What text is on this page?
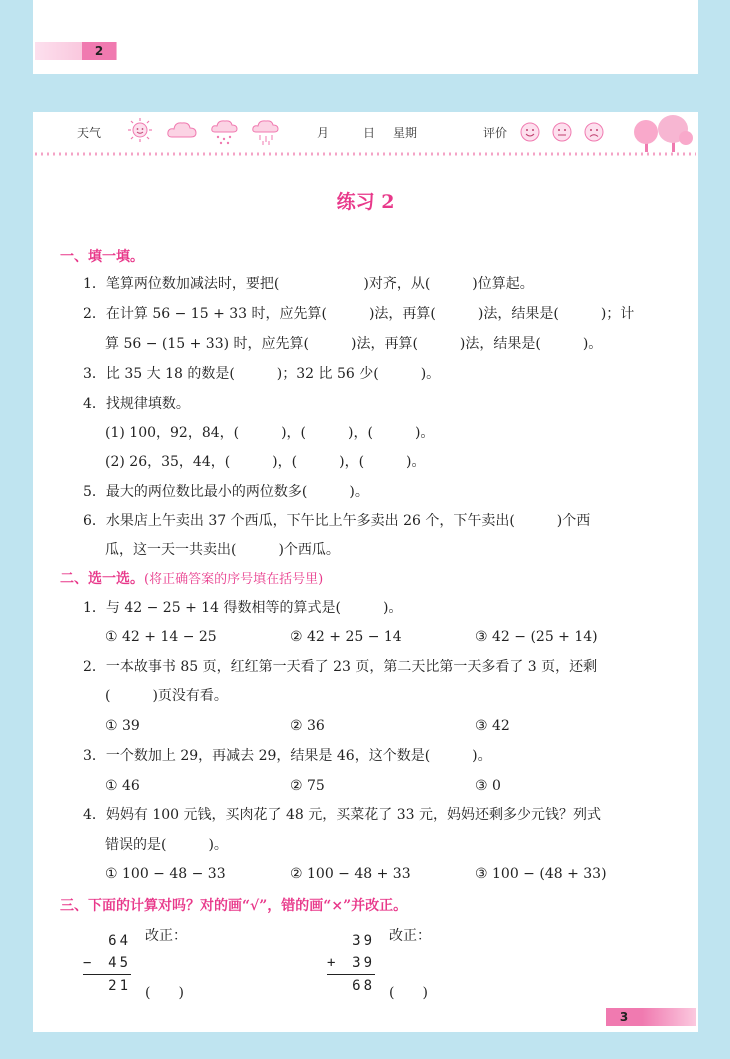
2
天气	月	日 星期	评价
练习 2
一、填一填。
1．笔算两位数加减法时，要把(　　　　　　)对齐，从(　　　)位算起。
2．在计算 56 − 15 + 33 时，应先算(　　　)法，再算(　　　)法，结果是(　　　)；计
算 56 − (15 + 33) 时，应先算(　　　)法，再算(　　　)法，结果是(　　　)。
3．比 35 大 18 的数是(　　　)；32 比 56 少(　　　)。
4．找规律填数。
(1) 100，92，84，(　　　)，(　　　)，(　　　)。
(2) 26，35，44，(　　　)，(　　　)，(　　　)。
5．最大的两位数比最小的两位数多(　　　)。
6．水果店上午卖出 37 个西瓜，下午比上午多卖出 26 个，下午卖出(　　　)个西
瓜，这一天一共卖出(　　　)个西瓜。
二、选一选。(将正确答案的序号填在括号里)
1．与 42 − 25 + 14 得数相等的算式是(　　　)。
① 42 + 14 − 25	② 42 + 25 − 14	③ 42 − (25 + 14)
2．一本故事书 85 页，红红第一天看了 23 页，第二天比第一天多看了 3 页，还剩
(　　　)页没有看。
① 39	② 36	③ 42
3．一个数加上 29，再减去 29，结果是 46，这个数是(　　　)。
① 46	② 75	③ 0
4．妈妈有 100 元钱，买肉花了 48 元，买菜花了 33 元，妈妈还剩多少元钱？列式
错误的是(　　　)。
① 100 − 48 − 33	② 100 − 48 + 33	③ 100 − (48 + 33)
三、下面的计算对吗？对的画“√”，错的画“×”并改正。
64
− 45
21
改正：
(　　)
39
+ 39
68
改正：
(　　)
3
